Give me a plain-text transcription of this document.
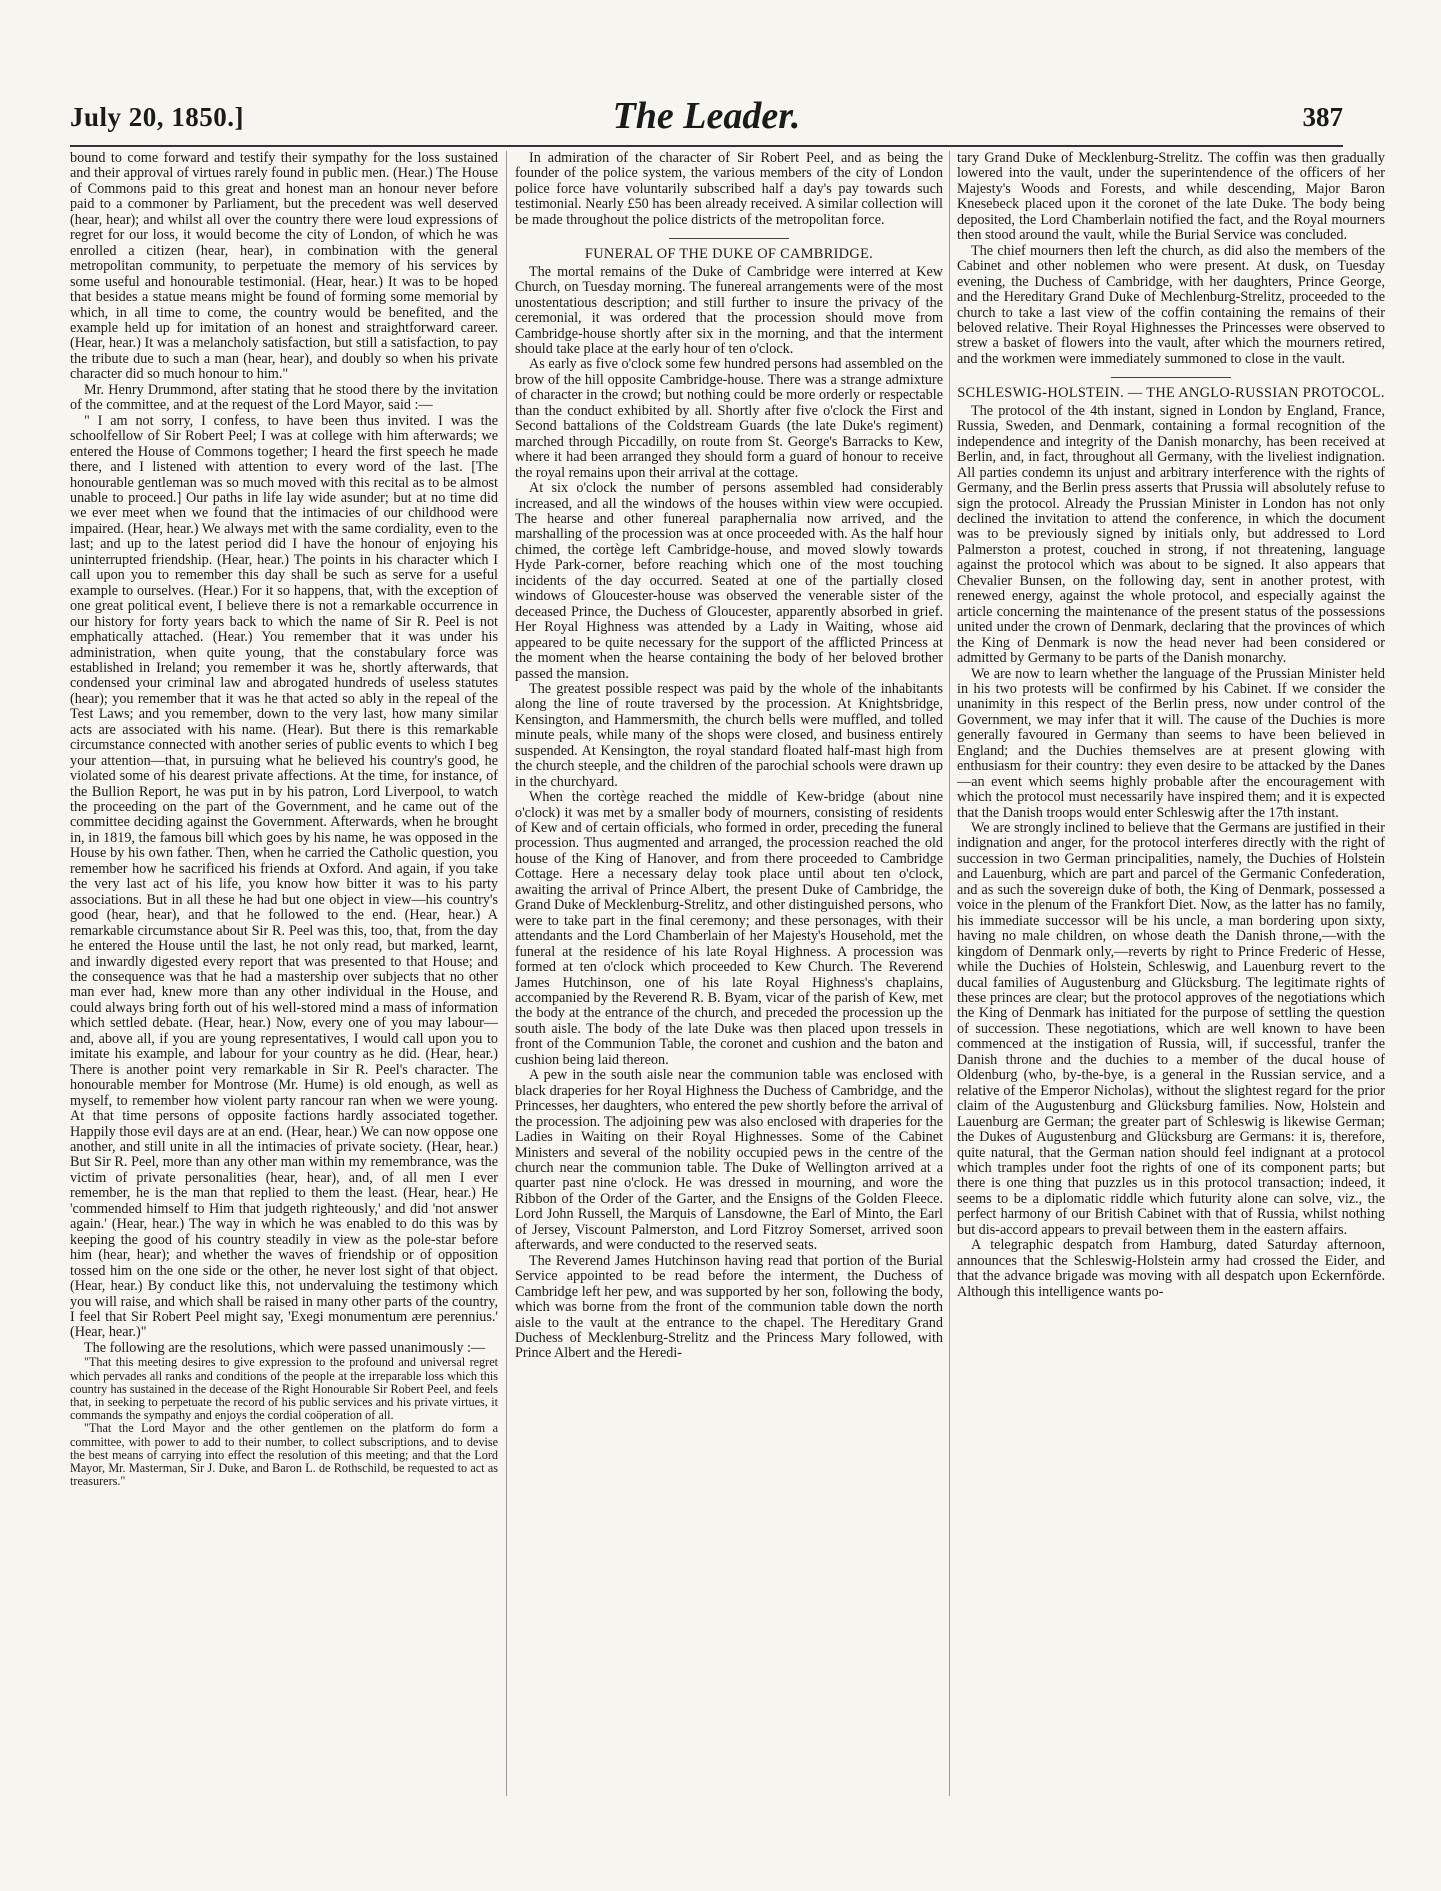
July 20, 1850.]	The Leader.	387

bound to come forward and testify their sympathy for the loss sustained and their approval of virtues rarely found in public men. (Hear.) The House of Commons paid to this great and honest man an honour never before paid to a commoner by Parliament, but the precedent was well deserved (hear, hear); and whilst all over the country there were loud expressions of regret for our loss, it would become the city of London, of which he was enrolled a citizen (hear, hear), in combination with the general metropolitan community, to perpetuate the memory of his services by some useful and honourable testimonial. (Hear, hear.) It was to be hoped that besides a statue means might be found of forming some memorial by which, in all time to come, the country would be benefited, and the example held up for imitation of an honest and straightforward career. (Hear, hear.) It was a melancholy satisfaction, but still a satisfaction, to pay the tribute due to such a man (hear, hear), and doubly so when his private character did so much honour to him."

Mr. Henry Drummond, after stating that he stood there by the invitation of the committee, and at the request of the Lord Mayor, said :—

" I am not sorry, I confess, to have been thus invited. I was the schoolfellow of Sir Robert Peel; I was at college with him afterwards; we entered the House of Commons together; I heard the first speech he made there, and I listened with attention to every word of the last. [The honourable gentleman was so much moved with this recital as to be almost unable to proceed.] Our paths in life lay wide asunder; but at no time did we ever meet when we found that the intimacies of our childhood were impaired. (Hear, hear.) We always met with the same cordiality, even to the last; and up to the latest period did I have the honour of enjoying his uninterrupted friendship. (Hear, hear.) The points in his character which I call upon you to remember this day shall be such as serve for a useful example to ourselves. (Hear.) For it so happens, that, with the exception of one great political event, I believe there is not a remarkable occurrence in our history for forty years back to which the name of Sir R. Peel is not emphatically attached. (Hear.) You remember that it was under his administration, when quite young, that the constabulary force was established in Ireland; you remember it was he, shortly afterwards, that condensed your criminal law and abrogated hundreds of useless statutes (hear); you remember that it was he that acted so ably in the repeal of the Test Laws; and you remember, down to the very last, how many similar acts are associated with his name. (Hear). But there is this remarkable circumstance connected with another series of public events to which I beg your attention—that, in pursuing what he believed his country's good, he violated some of his dearest private affections. At the time, for instance, of the Bullion Report, he was put in by his patron, Lord Liverpool, to watch the proceeding on the part of the Government, and he came out of the committee deciding against the Government. Afterwards, when he brought in, in 1819, the famous bill which goes by his name, he was opposed in the House by his own father. Then, when he carried the Catholic question, you remember how he sacrificed his friends at Oxford. And again, if you take the very last act of his life, you know how bitter it was to his party associations. But in all these he had but one object in view—his country's good (hear, hear), and that he followed to the end. (Hear, hear.) A remarkable circumstance about Sir R. Peel was this, too, that, from the day he entered the House until the last, he not only read, but marked, learnt, and inwardly digested every report that was presented to that House; and the consequence was that he had a mastership over subjects that no other man ever had, knew more than any other individual in the House, and could always bring forth out of his well-stored mind a mass of information which settled debate. (Hear, hear.) Now, every one of you may labour—and, above all, if you are young representatives, I would call upon you to imitate his example, and labour for your country as he did. (Hear, hear.) There is another point very remarkable in Sir R. Peel's character. The honourable member for Montrose (Mr. Hume) is old enough, as well as myself, to remember how violent party rancour ran when we were young. At that time persons of opposite factions hardly associated together. Happily those evil days are at an end. (Hear, hear.) We can now oppose one another, and still unite in all the intimacies of private society. (Hear, hear.) But Sir R. Peel, more than any other man within my remembrance, was the victim of private personalities (hear, hear), and, of all men I ever remember, he is the man that replied to them the least. (Hear, hear.) He 'commended himself to Him that judgeth righteously,' and did 'not answer again.' (Hear, hear.) The way in which he was enabled to do this was by keeping the good of his country steadily in view as the pole-star before him (hear, hear); and whether the waves of friendship or of opposition tossed him on the one side or the other, he never lost sight of that object. (Hear, hear.) By conduct like this, not undervaluing the testimony which you will raise, and which shall be raised in many other parts of the country, I feel that Sir Robert Peel might say, 'Exegi monumentum ære perennius.' (Hear, hear.)"

The following are the resolutions, which were passed unanimously :—

"That this meeting desires to give expression to the profound and universal regret which pervades all ranks and conditions of the people at the irreparable loss which this country has sustained in the decease of the Right Honourable Sir Robert Peel, and feels that, in seeking to perpetuate the record of his public services and his private virtues, it commands the sympathy and enjoys the cordial coöperation of all.

"That the Lord Mayor and the other gentlemen on the platform do form a committee, with power to add to their number, to collect subscriptions, and to devise the best means of carrying into effect the resolution of this meeting; and that the Lord Mayor, Mr. Masterman, Sir J. Duke, and Baron L. de Rothschild, be requested to act as treasurers."

In admiration of the character of Sir Robert Peel, and as being the founder of the police system, the various members of the city of London police force have voluntarily subscribed half a day's pay towards such testimonial. Nearly £50 has been already received. A similar collection will be made throughout the police districts of the metropolitan force.

FUNERAL OF THE DUKE OF CAMBRIDGE.

The mortal remains of the Duke of Cambridge were interred at Kew Church, on Tuesday morning. The funereal arrangements were of the most unostentatious description; and still further to insure the privacy of the ceremonial, it was ordered that the procession should move from Cambridge-house shortly after six in the morning, and that the interment should take place at the early hour of ten o'clock.

As early as five o'clock some few hundred persons had assembled on the brow of the hill opposite Cambridge-house. There was a strange admixture of character in the crowd; but nothing could be more orderly or respectable than the conduct exhibited by all. Shortly after five o'clock the First and Second battalions of the Coldstream Guards (the late Duke's regiment) marched through Piccadilly, on route from St. George's Barracks to Kew, where it had been arranged they should form a guard of honour to receive the royal remains upon their arrival at the cottage.

At six o'clock the number of persons assembled had considerably increased, and all the windows of the houses within view were occupied. The hearse and other funereal paraphernalia now arrived, and the marshalling of the procession was at once proceeded with. As the half hour chimed, the cortège left Cambridge-house, and moved slowly towards Hyde Park-corner, before reaching which one of the most touching incidents of the day occurred. Seated at one of the partially closed windows of Gloucester-house was observed the venerable sister of the deceased Prince, the Duchess of Gloucester, apparently absorbed in grief. Her Royal Highness was attended by a Lady in Waiting, whose aid appeared to be quite necessary for the support of the afflicted Princess at the moment when the hearse containing the body of her beloved brother passed the mansion.

The greatest possible respect was paid by the whole of the inhabitants along the line of route traversed by the procession. At Knightsbridge, Kensington, and Hammersmith, the church bells were muffled, and tolled minute peals, while many of the shops were closed, and business entirely suspended. At Kensington, the royal standard floated half-mast high from the church steeple, and the children of the parochial schools were drawn up in the churchyard.

When the cortège reached the middle of Kew-bridge (about nine o'clock) it was met by a smaller body of mourners, consisting of residents of Kew and of certain officials, who formed in order, preceding the funeral procession. Thus augmented and arranged, the procession reached the old house of the King of Hanover, and from there proceeded to Cambridge Cottage. Here a necessary delay took place until about ten o'clock, awaiting the arrival of Prince Albert, the present Duke of Cambridge, the Grand Duke of Mecklenburg-Strelitz, and other distinguished persons, who were to take part in the final ceremony; and these personages, with their attendants and the Lord Chamberlain of her Majesty's Household, met the funeral at the residence of his late Royal Highness. A procession was formed at ten o'clock which proceeded to Kew Church. The Reverend James Hutchinson, one of his late Royal Highness's chaplains, accompanied by the Reverend R. B. Byam, vicar of the parish of Kew, met the body at the entrance of the church, and preceded the procession up the south aisle. The body of the late Duke was then placed upon tressels in front of the Communion Table, the coronet and cushion and the baton and cushion being laid thereon.

A pew in the south aisle near the communion table was enclosed with black draperies for her Royal Highness the Duchess of Cambridge, and the Princesses, her daughters, who entered the pew shortly before the arrival of the procession. The adjoining pew was also enclosed with draperies for the Ladies in Waiting on their Royal Highnesses. Some of the Cabinet Ministers and several of the nobility occupied pews in the centre of the church near the communion table. The Duke of Wellington arrived at a quarter past nine o'clock. He was dressed in mourning, and wore the Ribbon of the Order of the Garter, and the Ensigns of the Golden Fleece. Lord John Russell, the Marquis of Lansdowne, the Earl of Minto, the Earl of Jersey, Viscount Palmerston, and Lord Fitzroy Somerset, arrived soon afterwards, and were conducted to the reserved seats.

The Reverend James Hutchinson having read that portion of the Burial Service appointed to be read before the interment, the Duchess of Cambridge left her pew, and was supported by her son, following the body, which was borne from the front of the communion table down the north aisle to the vault at the entrance to the chapel. The Hereditary Grand Duchess of Mecklenburg-Strelitz and the Princess Mary followed, with Prince Albert and the Heredi-

tary Grand Duke of Mecklenburg-Strelitz. The coffin was then gradually lowered into the vault, under the superintendence of the officers of her Majesty's Woods and Forests, and while descending, Major Baron Knesebeck placed upon it the coronet of the late Duke. The body being deposited, the Lord Chamberlain notified the fact, and the Royal mourners then stood around the vault, while the Burial Service was concluded.

The chief mourners then left the church, as did also the members of the Cabinet and other noblemen who were present. At dusk, on Tuesday evening, the Duchess of Cambridge, with her daughters, Prince George, and the Hereditary Grand Duke of Mechlenburg-Strelitz, proceeded to the church to take a last view of the coffin containing the remains of their beloved relative. Their Royal Highnesses the Princesses were observed to strew a basket of flowers into the vault, after which the mourners retired, and the workmen were immediately summoned to close in the vault.

SCHLESWIG-HOLSTEIN. — THE ANGLO-RUSSIAN PROTOCOL.

The protocol of the 4th instant, signed in London by England, France, Russia, Sweden, and Denmark, containing a formal recognition of the independence and integrity of the Danish monarchy, has been received at Berlin, and, in fact, throughout all Germany, with the liveliest indignation. All parties condemn its unjust and arbitrary interference with the rights of Germany, and the Berlin press asserts that Prussia will absolutely refuse to sign the protocol. Already the Prussian Minister in London has not only declined the invitation to attend the conference, in which the document was to be previously signed by initials only, but addressed to Lord Palmerston a protest, couched in strong, if not threatening, language against the protocol which was about to be signed. It also appears that Chevalier Bunsen, on the following day, sent in another protest, with renewed energy, against the whole protocol, and especially against the article concerning the maintenance of the present status of the possessions united under the crown of Denmark, declaring that the provinces of which the King of Denmark is now the head never had been considered or admitted by Germany to be parts of the Danish monarchy.

We are now to learn whether the language of the Prussian Minister held in his two protests will be confirmed by his Cabinet. If we consider the unanimity in this respect of the Berlin press, now under control of the Government, we may infer that it will. The cause of the Duchies is more generally favoured in Germany than seems to have been believed in England; and the Duchies themselves are at present glowing with enthusiasm for their country: they even desire to be attacked by the Danes—an event which seems highly probable after the encouragement with which the protocol must necessarily have inspired them; and it is expected that the Danish troops would enter Schleswig after the 17th instant.

We are strongly inclined to believe that the Germans are justified in their indignation and anger, for the protocol interferes directly with the right of succession in two German principalities, namely, the Duchies of Holstein and Lauenburg, which are part and parcel of the Germanic Confederation, and as such the sovereign duke of both, the King of Denmark, possessed a voice in the plenum of the Frankfort Diet. Now, as the latter has no family, his immediate successor will be his uncle, a man bordering upon sixty, having no male children, on whose death the Danish throne,—with the kingdom of Denmark only,—reverts by right to Prince Frederic of Hesse, while the Duchies of Holstein, Schleswig, and Lauenburg revert to the ducal families of Augustenburg and Glücksburg. The legitimate rights of these princes are clear; but the protocol approves of the negotiations which the King of Denmark has initiated for the purpose of settling the question of succession. These negotiations, which are well known to have been commenced at the instigation of Russia, will, if successful, tranfer the Danish throne and the duchies to a member of the ducal house of Oldenburg (who, by-the-bye, is a general in the Russian service, and a relative of the Emperor Nicholas), without the slightest regard for the prior claim of the Augustenburg and Glücksburg families. Now, Holstein and Lauenburg are German; the greater part of Schleswig is likewise German; the Dukes of Augustenburg and Glücksburg are Germans: it is, therefore, quite natural, that the German nation should feel indignant at a protocol which tramples under foot the rights of one of its component parts; but there is one thing that puzzles us in this protocol transaction; indeed, it seems to be a diplomatic riddle which futurity alone can solve, viz., the perfect harmony of our British Cabinet with that of Russia, whilst nothing but dis-accord appears to prevail between them in the eastern affairs.

A telegraphic despatch from Hamburg, dated Saturday afternoon, announces that the Schleswig-Holstein army had crossed the Eider, and that the advance brigade was moving with all despatch upon Eckernförde. Although this intelligence wants po-
